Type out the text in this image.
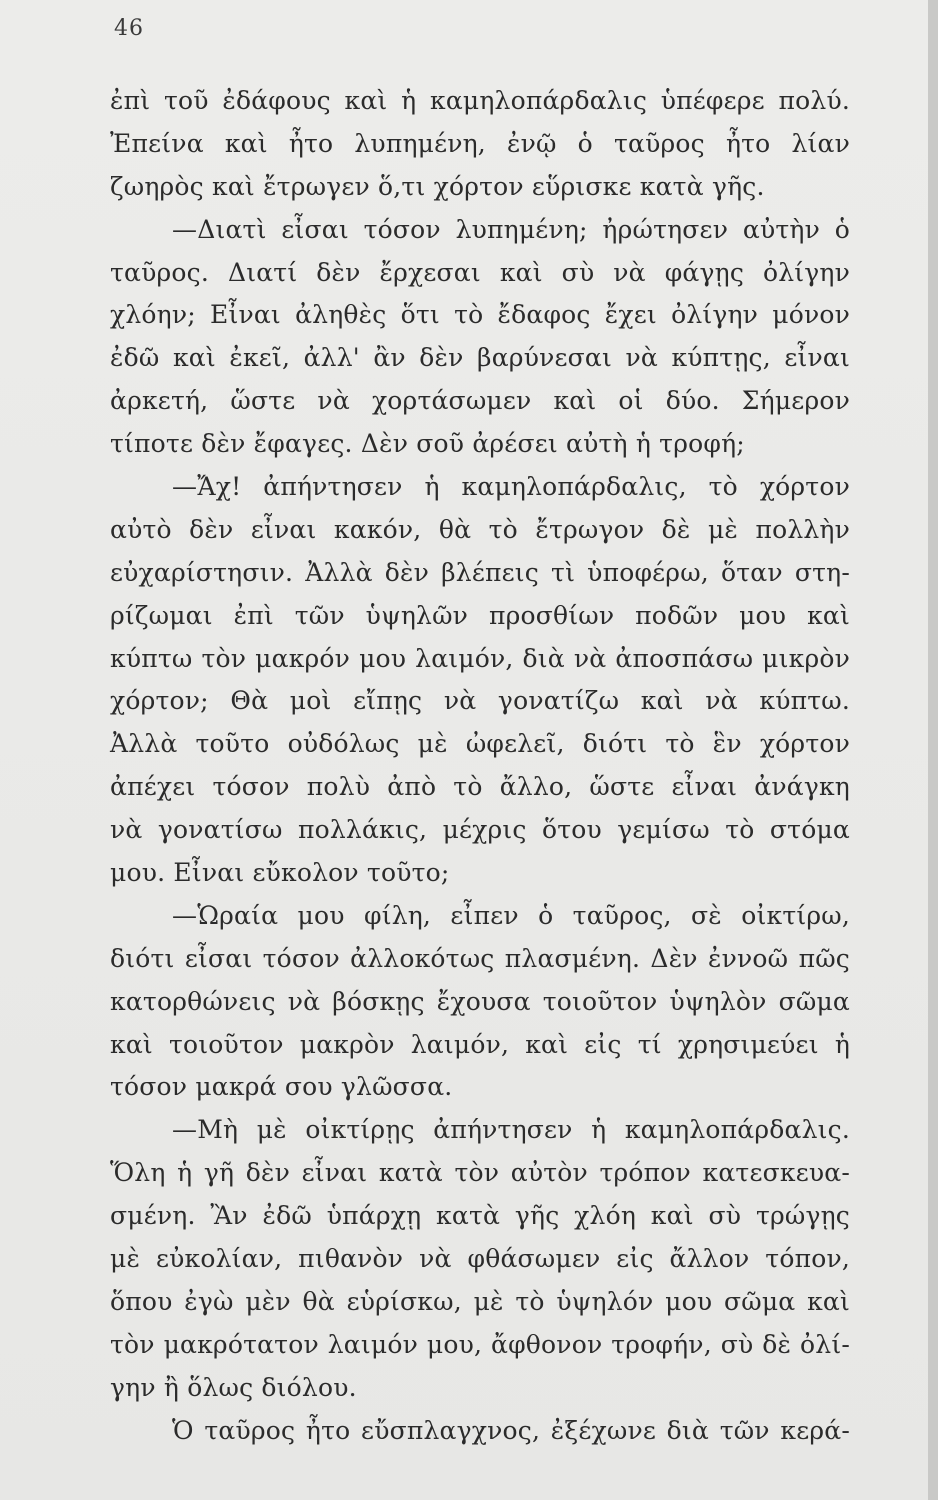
46
ἐπὶ τοῦ ἐδάφους καὶ ἡ καμηλοπάρδαλις ὑπέφερε πολύ.
Ἐπείνα καὶ ἦτο λυπημένη, ἐνῷ ὁ ταῦρος ἦτο λίαν
ζωηρὸς καὶ ἔτρωγεν ὅ,τι χόρτον εὕρισκε κατὰ γῆς.
—Διατὶ εἶσαι τόσον λυπημένη; ἠρώτησεν αὐτὴν ὁ
ταῦρος. Διατί δὲν ἔρχεσαι καὶ σὺ νὰ φάγῃς ὀλίγην
χλόην; Εἶναι ἀληθὲς ὅτι τὸ ἔδαφος ἔχει ὀλίγην μόνον
ἐδῶ καὶ ἐκεῖ, ἀλλ' ἂν δὲν βαρύνεσαι νὰ κύπτῃς, εἶναι
ἀρκετή, ὥστε νὰ χορτάσωμεν καὶ οἱ δύο. Σήμερον
τίποτε δὲν ἔφαγες. Δὲν σοῦ ἀρέσει αὐτὴ ἡ τροφή;
—Ἄχ! ἀπήντησεν ἡ καμηλοπάρδαλις, τὸ χόρτον
αὐτὸ δὲν εἶναι κακόν, θὰ τὸ ἔτρωγον δὲ μὲ πολλὴν
εὐχαρίστησιν. Ἀλλὰ δὲν βλέπεις τὶ ὑποφέρω, ὅταν στη-
ρίζωμαι ἐπὶ τῶν ὑψηλῶν προσθίων ποδῶν μου καὶ
κύπτω τὸν μακρόν μου λαιμόν, διὰ νὰ ἀποσπάσω μικρὸν
χόρτον; Θὰ μοὶ εἴπῃς νὰ γονατίζω καὶ νὰ κύπτω.
Ἀλλὰ τοῦτο οὐδόλως μὲ ὠφελεῖ, διότι τὸ ἓν χόρτον
ἀπέχει τόσον πολὺ ἀπὸ τὸ ἄλλο, ὥστε εἶναι ἀνάγκη
νὰ γονατίσω πολλάκις, μέχρις ὅτου γεμίσω τὸ στόμα
μου. Εἶναι εὔκολον τοῦτο;
—Ὡραία μου φίλη, εἶπεν ὁ ταῦρος, σὲ οἰκτίρω,
διότι εἶσαι τόσον ἀλλοκότως πλασμένη. Δὲν ἐννοῶ πῶς
κατορθώνεις νὰ βόσκῃς ἔχουσα τοιοῦτον ὑψηλὸν σῶμα
καὶ τοιοῦτον μακρὸν λαιμόν, καὶ εἰς τί χρησιμεύει ἡ
τόσον μακρά σου γλῶσσα.
—Μὴ μὲ οἰκτίρῃς ἀπήντησεν ἡ καμηλοπάρδαλις.
Ὅλη ἡ γῆ δὲν εἶναι κατὰ τὸν αὐτὸν τρόπον κατεσκευα-
σμένη. Ἂν ἐδῶ ὑπάρχῃ κατὰ γῆς χλόη καὶ σὺ τρώγῃς
μὲ εὐκολίαν, πιθανὸν νὰ φθάσωμεν εἰς ἄλλον τόπον,
ὅπου ἐγὼ μὲν θὰ εὑρίσκω, μὲ τὸ ὑψηλόν μου σῶμα καὶ
τὸν μακρότατον λαιμόν μου, ἄφθονον τροφήν, σὺ δὲ ὀλί-
γην ἢ ὅλως διόλου.
Ὁ ταῦρος ἦτο εὔσπλαγχνος, ἐξέχωνε διὰ τῶν κερά-
